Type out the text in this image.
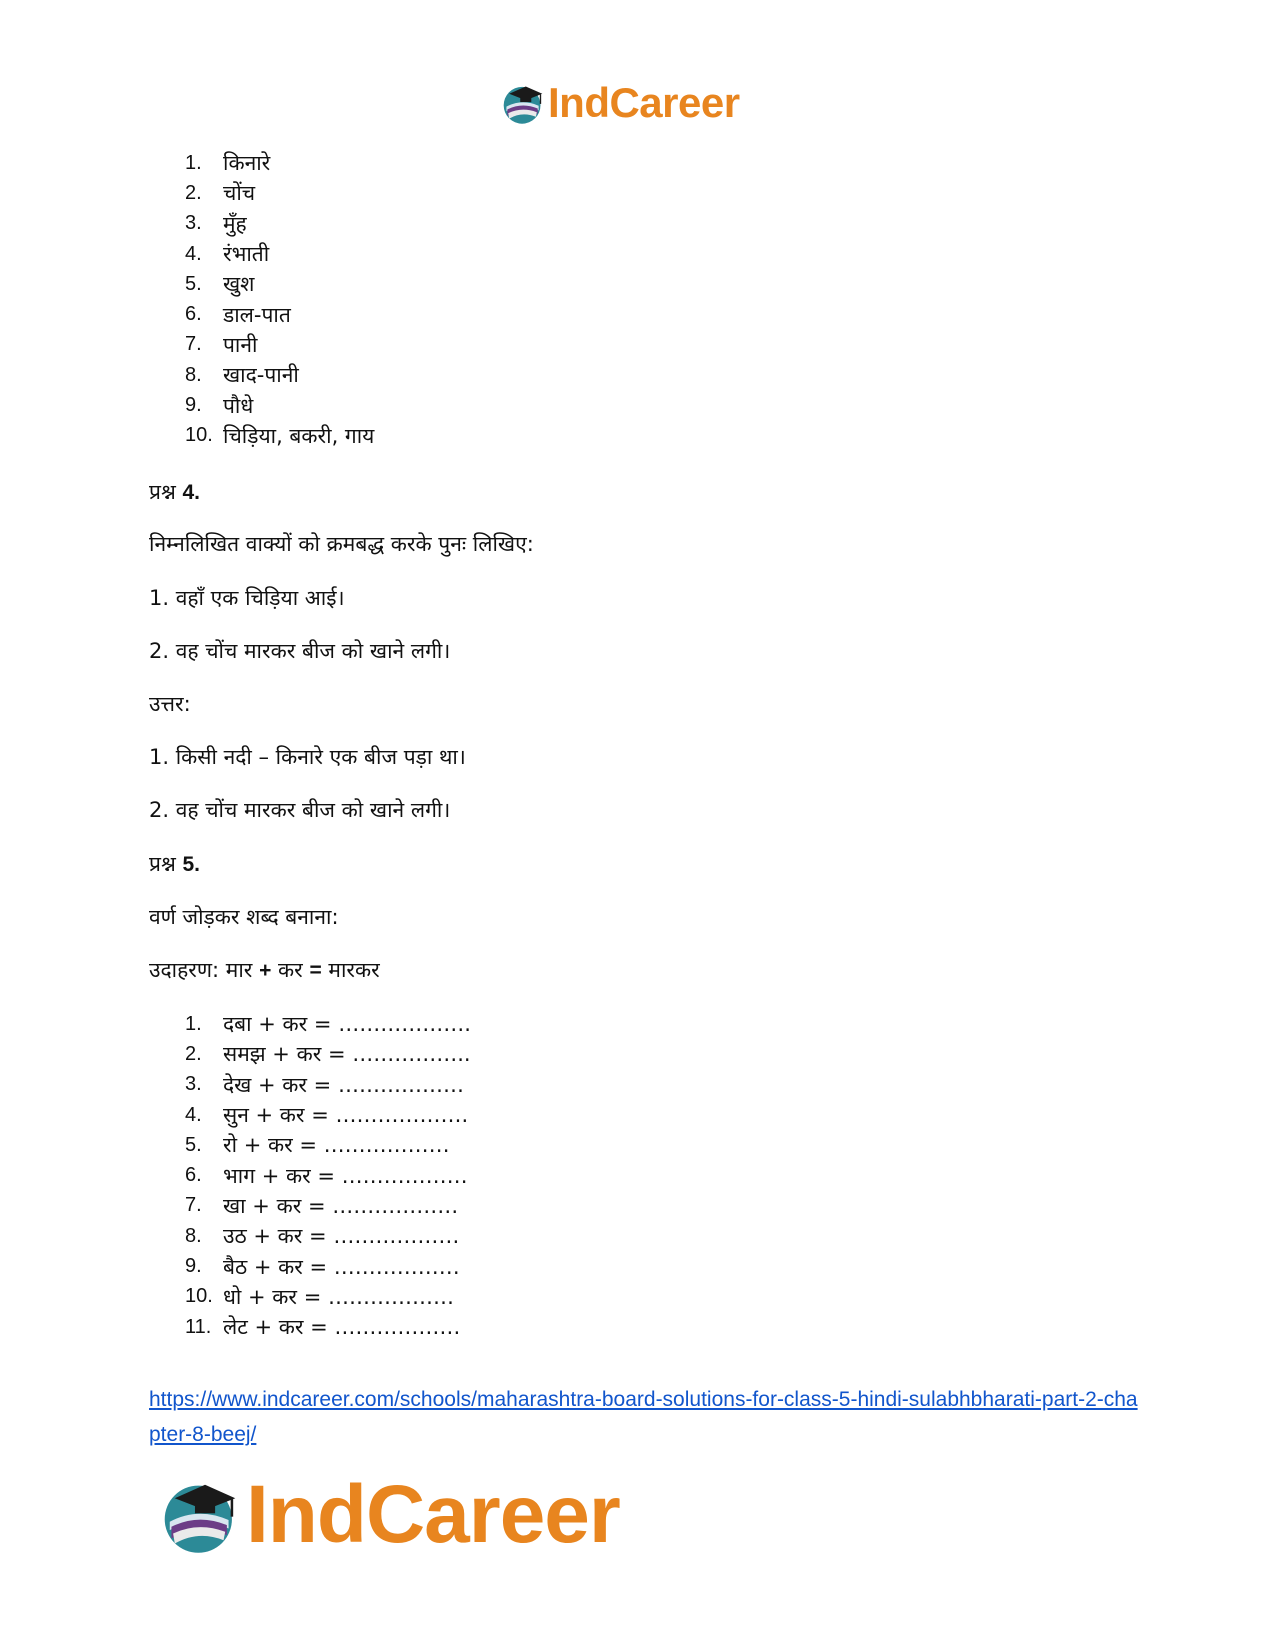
IndCareer
1.	किनारे
2.	चोंच
3.	मुँह
4.	रंभाती
5.	खुश
6.	डाल-पात
7.	पानी
8.	खाद-पानी
9.	पौधे
10. चिड़िया, बकरी, गाय
प्रश्न 4.
निम्नलिखित वाक्यों को क्रमबद्ध करके पुनः लिखिए:
1. वहाँ एक चिड़िया आई।
2. वह चोंच मारकर बीज को खाने लगी।
उत्तर:
1. किसी नदी – किनारे एक बीज पड़ा था।
2. वह चोंच मारकर बीज को खाने लगी।
प्रश्न 5.
वर्ण जोड़कर शब्द बनाना:
उदाहरण: मार + कर = मारकर
1.	दबा + कर = ……………….
2.	समझ + कर = ……………..
3.	देख + कर = ………………
4.	सुन + कर = ……………….
5.	रो + कर = ………………
6.	भाग + कर = ………………
7.	खा + कर = ………………
8.	उठ + कर = ………………
9.	बैठ + कर = ………………
10. धो + कर = ………………
11. लेट + कर = ………………
https://www.indcareer.com/schools/maharashtra-board-solutions-for-class-5-hindi-sulabhbharati-part-2-chapter-8-beej/
IndCareer
